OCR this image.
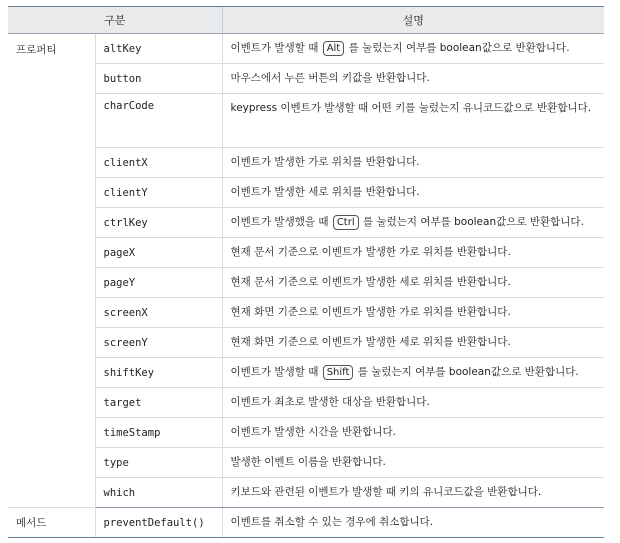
구분		설명
프로퍼티	altKey	이벤트가 발생할 때 Alt 를 눌렀는지 여부를 boolean값으로 반환합니다.
	button	마우스에서 누른 버튼의 키값을 반환합니다.
	charCode	keypress 이벤트가 발생할 때 어떤 키를 눌렀는지 유니코드값으로 반환합니다.
	clientX	이벤트가 발생한 가로 위치를 반환합니다.
	clientY	이벤트가 발생한 세로 위치를 반환합니다.
	ctrlKey	이벤트가 발생했을 때 Ctrl 를 눌렀는지 여부를 boolean값으로 반환합니다.
	pageX	현재 문서 기준으로 이벤트가 발생한 가로 위치를 반환합니다.
	pageY	현재 문서 기준으로 이벤트가 발생한 세로 위치를 반환합니다.
	screenX	현재 화면 기준으로 이벤트가 발생한 가로 위치를 반환합니다.
	screenY	현재 화면 기준으로 이벤트가 발생한 세로 위치를 반환합니다.
	shiftKey	이벤트가 발생할 때 Shift 를 눌렀는지 여부를 boolean값으로 반환합니다.
	target	이벤트가 최초로 발생한 대상을 반환합니다.
	timeStamp	이벤트가 발생한 시간을 반환합니다.
	type	발생한 이벤트 이름을 반환합니다.
	which	키보드와 관련된 이벤트가 발생할 때 키의 유니코드값을 반환합니다.
메서드	preventDefault()	이벤트를 취소할 수 있는 경우에 취소합니다.
